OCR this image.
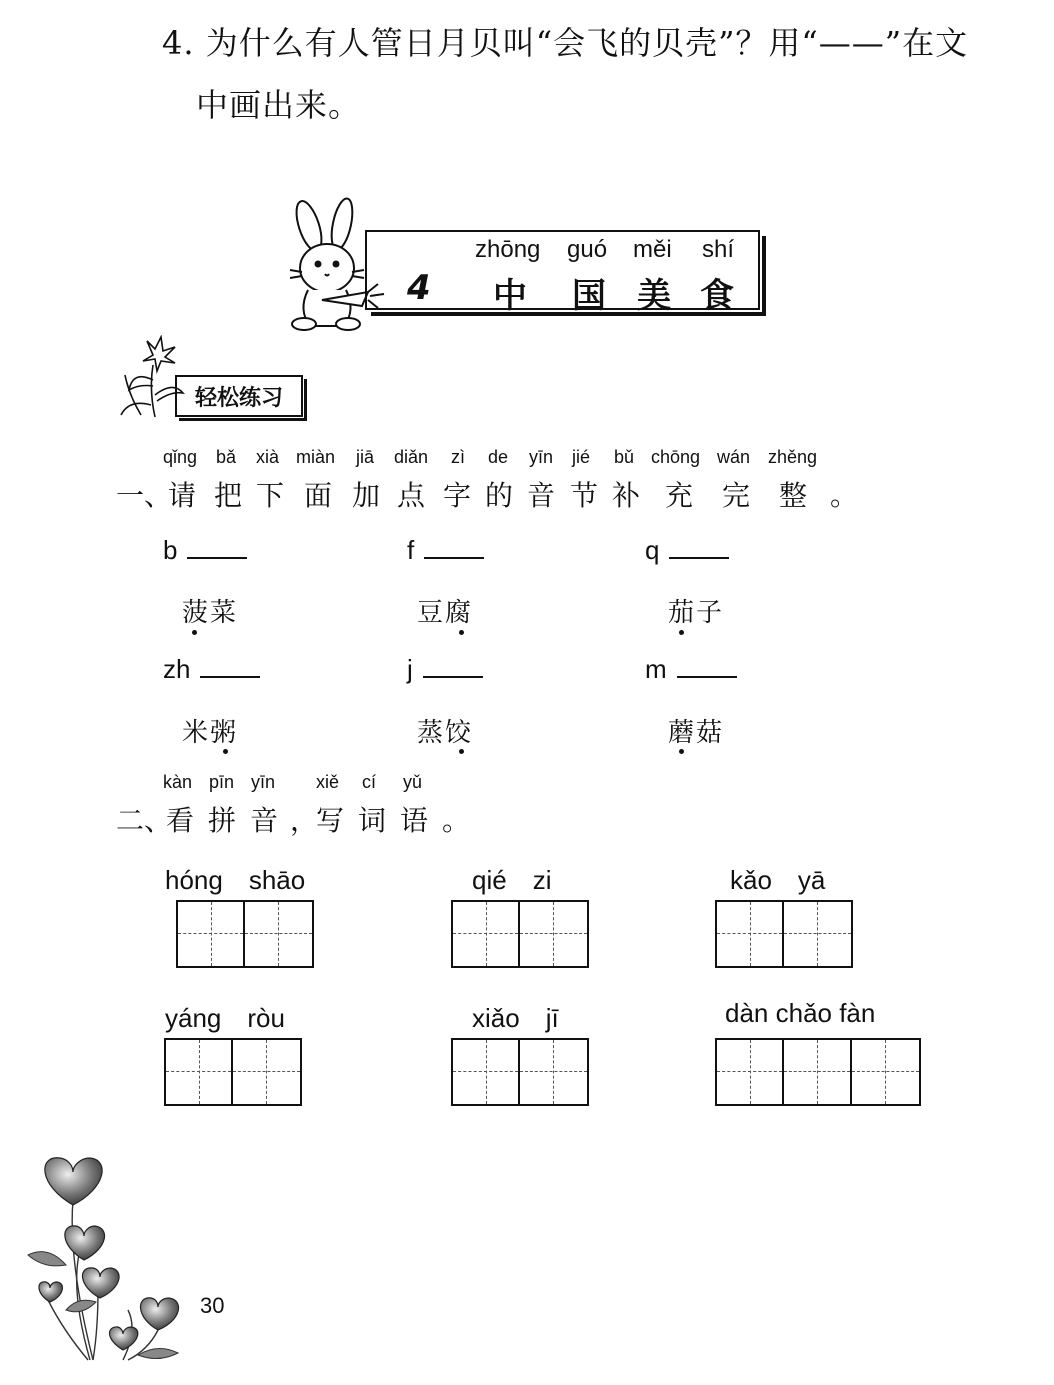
4. 为什么有人管日月贝叫“会飞的贝壳”？用“——”在文
中画出来。
zhōng guó měi shí
4 中 国 美 食
轻松练习
qǐng bǎ xià miàn jiā diǎn zì de yīn jié bǔ chōng wán zhěng
一、
请 把 下 面 加 点 字 的 音 节 补 充 完 整 。
b	f	q
菠菜	豆腐	茄子
zh	j	m
米粥	蒸饺	蘑菇
kàn pīn yīn xiě cí yǔ
二、
看 拼 音 ，
写 词 语 。
hóng　shāo	qié　zi	kǎo　yā
yáng　ròu	xiǎo　jī	dàn chǎo fàn
30
